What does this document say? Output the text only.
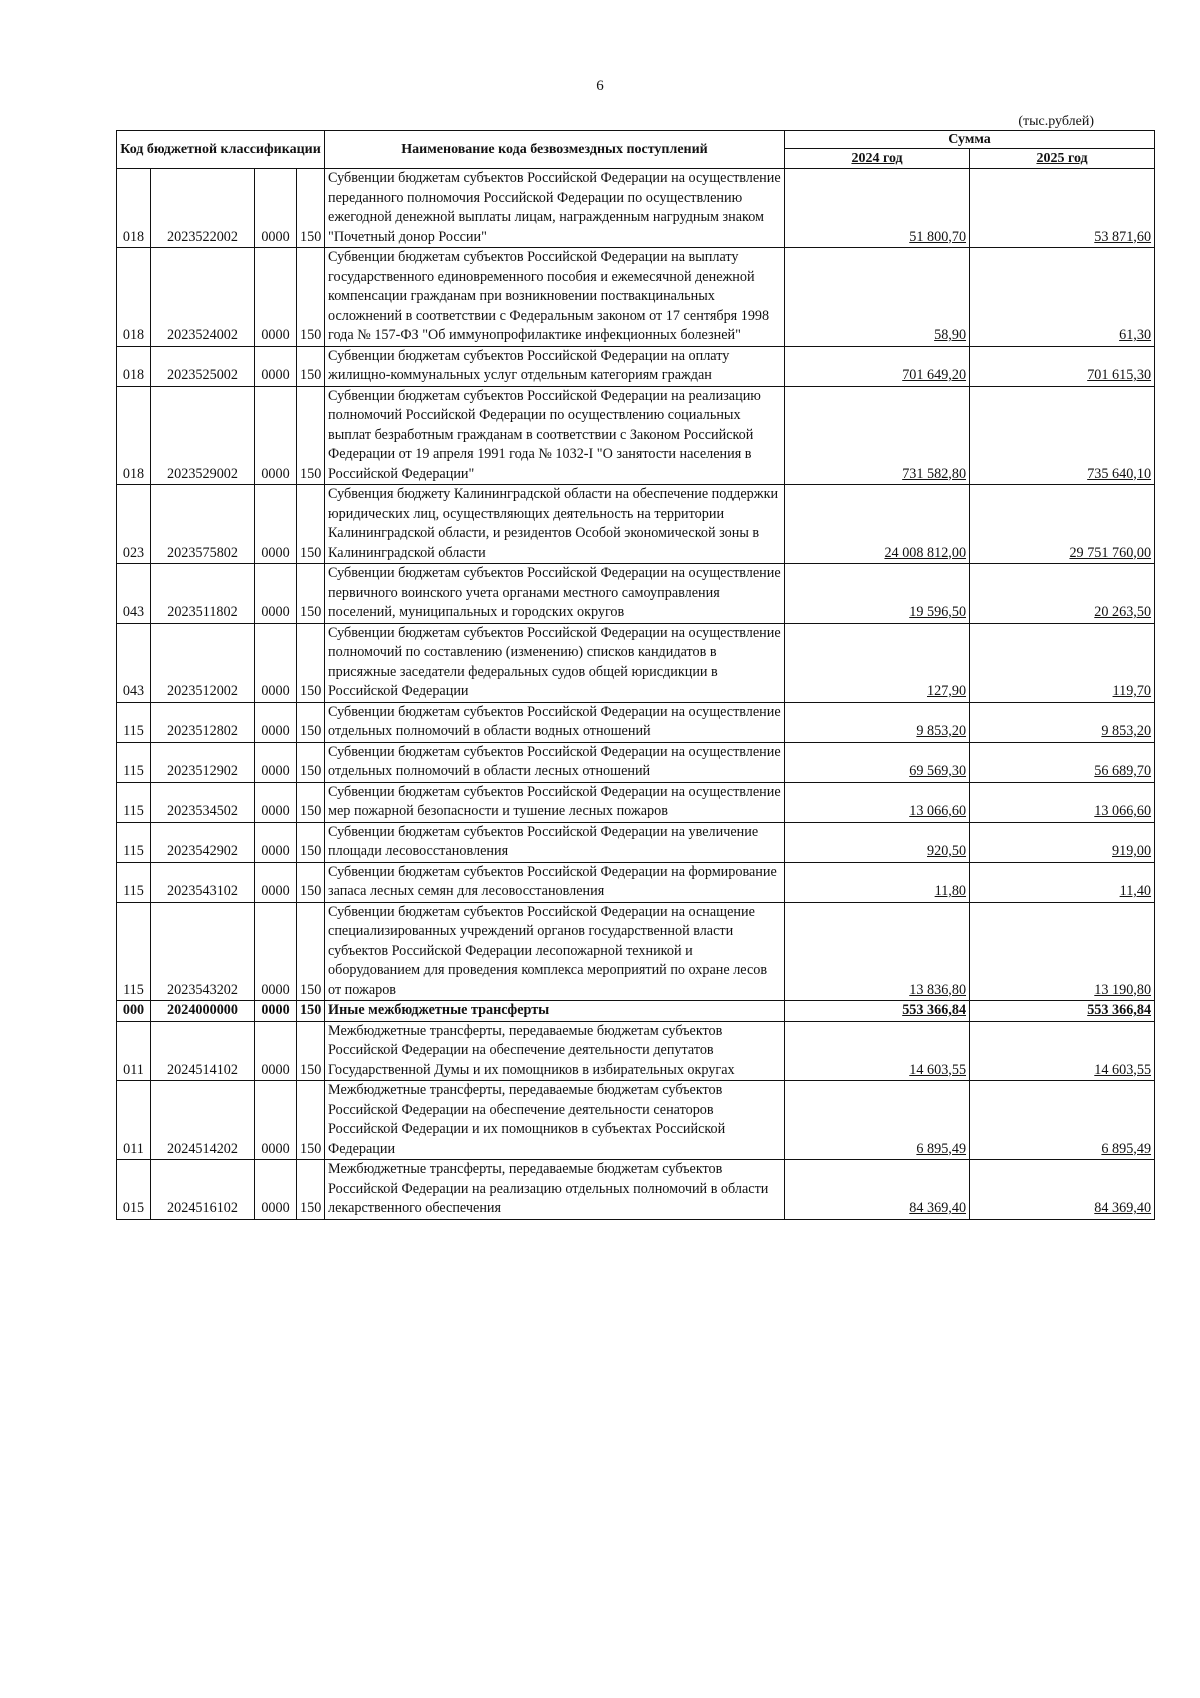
6
(тыс.рублей)
Код бюджетной классификации				Наименование кода безвозмездных поступлений	Сумма	
					2024 год	2025 год
018	2023522002	0000	150	Субвенции бюджетам субъектов Российской Федерации на осуществление переданного полномочия Российской Федерации по осуществлению ежегодной денежной выплаты лицам, награжденным нагрудным знаком "Почетный донор России"	51 800,70	53 871,60
018	2023524002	0000	150	Субвенции бюджетам субъектов Российской Федерации на выплату государственного единовременного пособия и ежемесячной денежной компенсации гражданам при возникновении поствакцинальных осложнений в соответствии с Федеральным законом от 17 сентября 1998 года № 157-ФЗ "Об иммунопрофилактике инфекционных болезней"	58,90	61,30
018	2023525002	0000	150	Субвенции бюджетам субъектов Российской Федерации на оплату жилищно-коммунальных услуг отдельным категориям граждан	701 649,20	701 615,30
018	2023529002	0000	150	Субвенции бюджетам субъектов Российской Федерации на реализацию полномочий Российской Федерации по осуществлению социальных выплат безработным гражданам в соответствии с Законом Российской Федерации от 19 апреля 1991 года № 1032-I "О занятости населения в Российской Федерации"	731 582,80	735 640,10
023	2023575802	0000	150	Субвенция бюджету Калининградской области на обеспечение поддержки юридических лиц, осуществляющих деятельность на территории Калининградской области, и резидентов Особой экономической зоны в Калининградской области	24 008 812,00	29 751 760,00
043	2023511802	0000	150	Субвенции бюджетам субъектов Российской Федерации на осуществление первичного воинского учета органами местного самоуправления поселений, муниципальных и городских округов	19 596,50	20 263,50
043	2023512002	0000	150	Субвенции бюджетам субъектов Российской Федерации на осуществление полномочий по составлению (изменению) списков кандидатов в присяжные заседатели федеральных судов общей юрисдикции в Российской Федерации	127,90	119,70
115	2023512802	0000	150	Субвенции бюджетам субъектов Российской Федерации на осуществление отдельных полномочий в области водных отношений	9 853,20	9 853,20
115	2023512902	0000	150	Субвенции бюджетам субъектов Российской Федерации на осуществление отдельных полномочий в области лесных отношений	69 569,30	56 689,70
115	2023534502	0000	150	Субвенции бюджетам субъектов Российской Федерации на осуществление мер пожарной безопасности и тушение лесных пожаров	13 066,60	13 066,60
115	2023542902	0000	150	Субвенции бюджетам субъектов Российской Федерации на увеличение площади лесовосстановления	920,50	919,00
115	2023543102	0000	150	Субвенции бюджетам субъектов Российской Федерации на формирование запаса лесных семян для лесовосстановления	11,80	11,40
115	2023543202	0000	150	Субвенции бюджетам субъектов Российской Федерации на оснащение специализированных учреждений органов государственной власти субъектов Российской Федерации лесопожарной техникой и оборудованием для проведения комплекса мероприятий по охране лесов от пожаров	13 836,80	13 190,80
000	2024000000	0000	150	Иные межбюджетные трансферты	553 366,84	553 366,84
011	2024514102	0000	150	Межбюджетные трансферты, передаваемые бюджетам субъектов Российской Федерации на обеспечение деятельности депутатов Государственной Думы и их помощников в избирательных округах	14 603,55	14 603,55
011	2024514202	0000	150	Межбюджетные трансферты, передаваемые бюджетам субъектов Российской Федерации на обеспечение деятельности сенаторов Российской Федерации и их помощников в субъектах Российской Федерации	6 895,49	6 895,49
015	2024516102	0000	150	Межбюджетные трансферты, передаваемые бюджетам субъектов Российской Федерации на реализацию отдельных полномочий в области лекарственного обеспечения	84 369,40	84 369,40
